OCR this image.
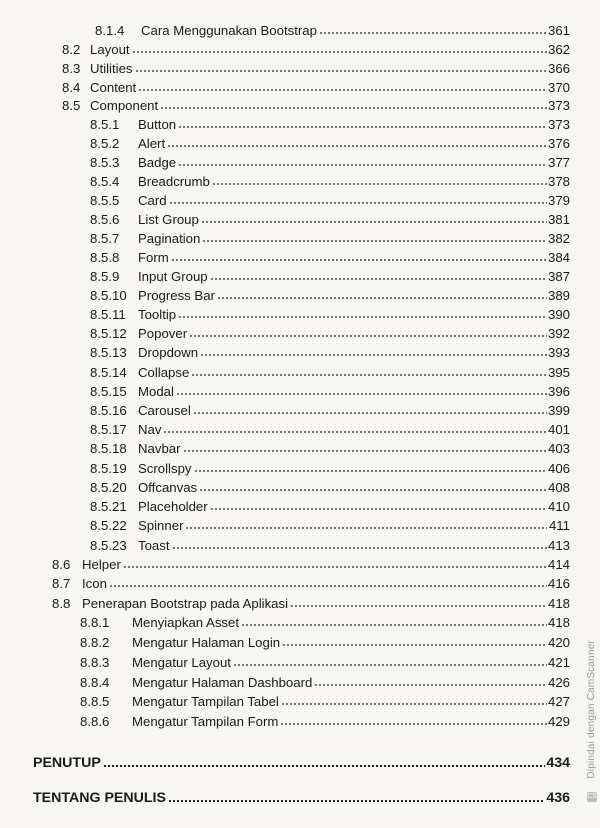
8.1.4	Cara Menggunakan Bootstrap	361
8.2 Layout	362
8.3 Utilities	366
8.4 Content	370
8.5 Component	373
8.5.1	Button	373
8.5.2	Alert	376
8.5.3	Badge	377
8.5.4	Breadcrumb	378
8.5.5	Card	379
8.5.6	List Group	381
8.5.7	Pagination	382
8.5.8	Form	384
8.5.9	Input Group	387
8.5.10 Progress Bar	389
8.5.11 Tooltip	390
8.5.12 Popover	392
8.5.13 Dropdown	393
8.5.14 Collapse	395
8.5.15 Modal	396
8.5.16 Carousel	399
8.5.17 Nav	401
8.5.18 Navbar	403
8.5.19 Scrollspy	406
8.5.20 Offcanvas	408
8.5.21 Placeholder	410
8.5.22 Spinner	411
8.5.23 Toast	413
8.6 Helper	414
8.7 Icon	416
8.8 Penerapan Bootstrap pada Aplikasi	418
8.8.1	Menyiapkan Asset	418
8.8.2	Mengatur Halaman Login	420
8.8.3	Mengatur Layout	421
8.8.4	Mengatur Halaman Dashboard	426
8.8.5	Mengatur Tampilan Tabel	427
8.8.6	Mengatur Tampilan Form	429
PENUTUP	434
TENTANG PENULIS	436
Dipindai dengan CamScanner
CS
